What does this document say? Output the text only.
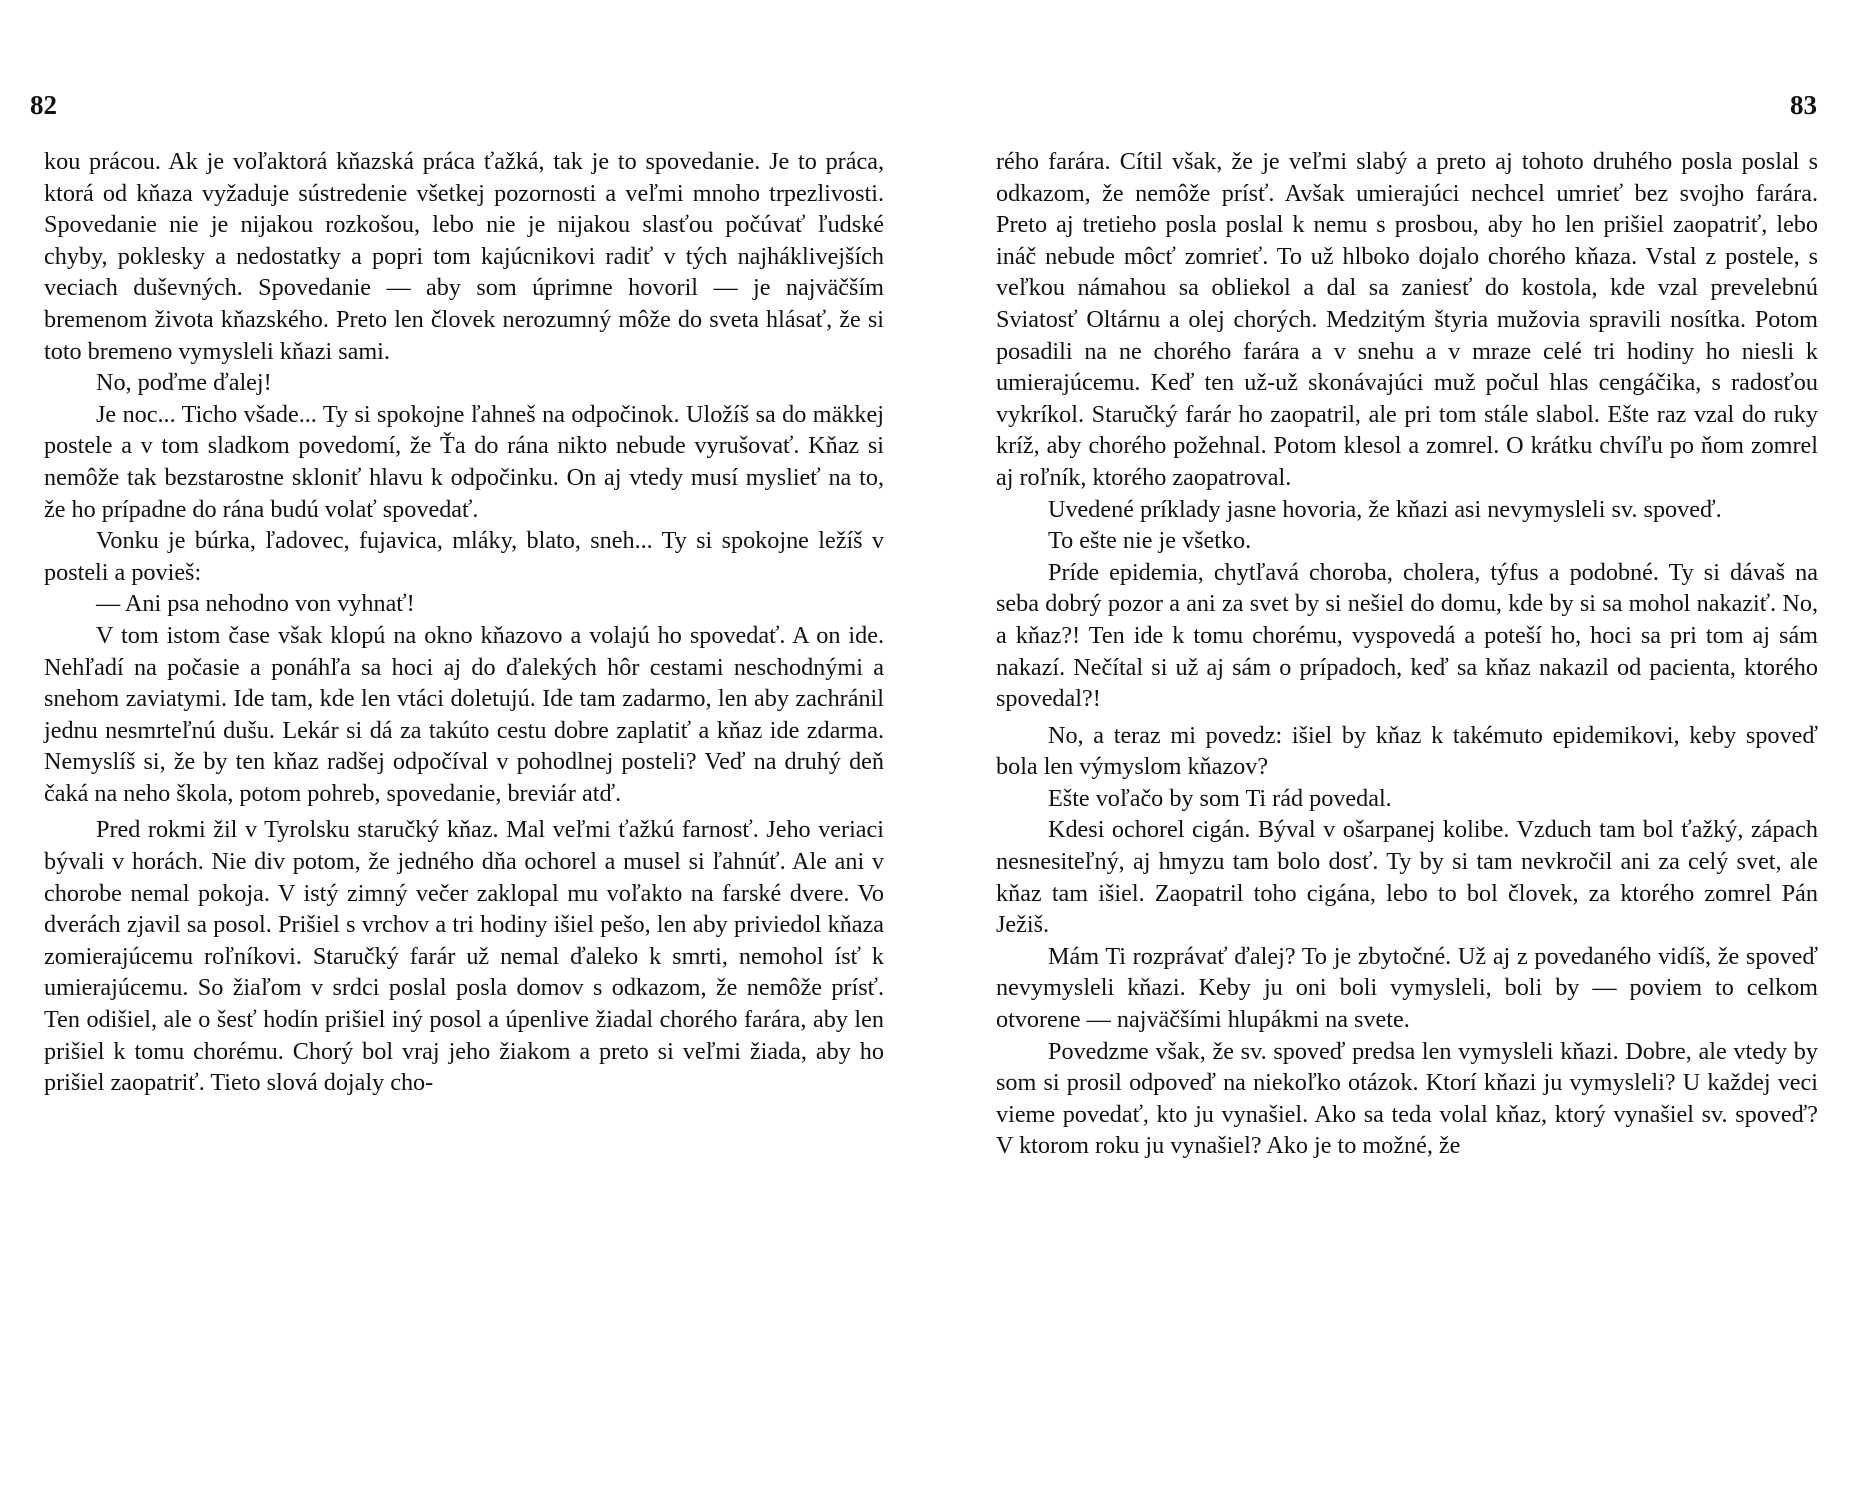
82	83

kou prácou. Ak je voľaktorá kňazská práca ťažká, tak je to spovedanie. Je to práca, ktorá od kňaza vyžaduje sústredenie všetkej pozornosti a veľmi mnoho trpezlivosti. Spovedanie nie je nijakou rozkošou, lebo nie je nijakou slasťou počúvať ľudské chyby, poklesky a nedostatky a popri tom kajúcnikovi radiť v tých najháklivejších veciach duševných. Spovedanie — aby som úprimne hovoril — je najväčším bremenom života kňazského. Preto len človek nerozumný môže do sveta hlásať, že si toto bremeno vymysleli kňazi sami.

No, poďme ďalej!

Je noc... Ticho všade... Ty si spokojne ľahneš na odpočinok. Uložíš sa do mäkkej postele a v tom sladkom povedomí, že Ťa do rána nikto nebude vyrušovať. Kňaz si nemôže tak bezstarostne skloniť hlavu k odpočinku. On aj vtedy musí myslieť na to, že ho prípadne do rána budú volať spovedať.

Vonku je búrka, ľadovec, fujavica, mláky, blato, sneh... Ty si spokojne ležíš v posteli a povieš:

— Ani psa nehodno von vyhnať!

V tom istom čase však klopú na okno kňazovo a volajú ho spovedať. A on ide. Nehľadí na počasie a ponáhľa sa hoci aj do ďalekých hôr cestami neschodnými a snehom zaviatymi. Ide tam, kde len vtáci doletujú. Ide tam zadarmo, len aby zachránil jednu nesmrteľnú dušu. Lekár si dá za takúto cestu dobre zaplatiť a kňaz ide zdarma. Nemyslíš si, že by ten kňaz radšej odpočíval v pohodlnej posteli? Veď na druhý deň čaká na neho škola, potom pohreb, spovedanie, breviár atď.

Pred rokmi žil v Tyrolsku staručký kňaz. Mal veľmi ťažkú farnosť. Jeho veriaci bývali v horách. Nie div potom, že jedného dňa ochorel a musel si ľahnúť. Ale ani v chorobe nemal pokoja. V istý zimný večer zaklopal mu voľakto na farské dvere. Vo dverách zjavil sa posol. Prišiel s vrchov a tri hodiny išiel pešo, len aby priviedol kňaza zomierajúcemu roľníkovi. Staručký farár už nemal ďaleko k smrti, nemohol ísť k umierajúcemu. So žiaľom v srdci poslal posla domov s odkazom, že nemôže prísť. Ten odišiel, ale o šesť hodín prišiel iný posol a úpenlive žiadal chorého farára, aby len prišiel k tomu chorému. Chorý bol vraj jeho žiakom a preto si veľmi žiada, aby ho prišiel zaopatriť. Tieto slová dojaly cho-

rého farára. Cítil však, že je veľmi slabý a preto aj tohoto druhého posla poslal s odkazom, že nemôže prísť. Avšak umierajúci nechcel umrieť bez svojho farára. Preto aj tretieho posla poslal k nemu s prosbou, aby ho len prišiel zaopatriť, lebo ináč nebude môcť zomrieť. To už hlboko dojalo chorého kňaza. Vstal z postele, s veľkou námahou sa obliekol a dal sa zaniesť do kostola, kde vzal prevelebnú Sviatosť Oltárnu a olej chorých. Medzitým štyria mužovia spravili nosítka. Potom posadili na ne chorého farára a v snehu a v mraze celé tri hodiny ho niesli k umierajúcemu. Keď ten už-už skonávajúci muž počul hlas cengáčika, s radosťou vykríkol. Staručký farár ho zaopatril, ale pri tom stále slabol. Ešte raz vzal do ruky kríž, aby chorého požehnal. Potom klesol a zomrel. O krátku chvíľu po ňom zomrel aj roľník, ktorého zaopatroval.

Uvedené príklady jasne hovoria, že kňazi asi nevymysleli sv. spoveď.

To ešte nie je všetko.

Príde epidemia, chytľavá choroba, cholera, týfus a podobné. Ty si dávaš na seba dobrý pozor a ani za svet by si nešiel do domu, kde by si sa mohol nakaziť. No, a kňaz?! Ten ide k tomu chorému, vyspovedá a poteší ho, hoci sa pri tom aj sám nakazí. Nečítal si už aj sám o prípadoch, keď sa kňaz nakazil od pacienta, ktorého spovedal?!

No, a teraz mi povedz: išiel by kňaz k takémuto epidemikovi, keby spoveď bola len výmyslom kňazov?

Ešte voľačo by som Ti rád povedal.

Kdesi ochorel cigán. Býval v ošarpanej kolibe. Vzduch tam bol ťažký, zápach nesnesiteľný, aj hmyzu tam bolo dosť. Ty by si tam nevkročil ani za celý svet, ale kňaz tam išiel. Zaopatril toho cigána, lebo to bol človek, za ktorého zomrel Pán Ježiš.

Mám Ti rozprávať ďalej? To je zbytočné. Už aj z povedaného vidíš, že spoveď nevymysleli kňazi. Keby ju oni boli vymysleli, boli by — poviem to celkom otvorene — najväčšími hlupákmi na svete.

Povedzme však, že sv. spoveď predsa len vymysleli kňazi. Dobre, ale vtedy by som si prosil odpoveď na niekoľko otázok. Ktorí kňazi ju vymysleli? U každej veci vieme povedať, kto ju vynašiel. Ako sa teda volal kňaz, ktorý vynašiel sv. spoveď? V ktorom roku ju vynašiel? Ako je to možné, že
